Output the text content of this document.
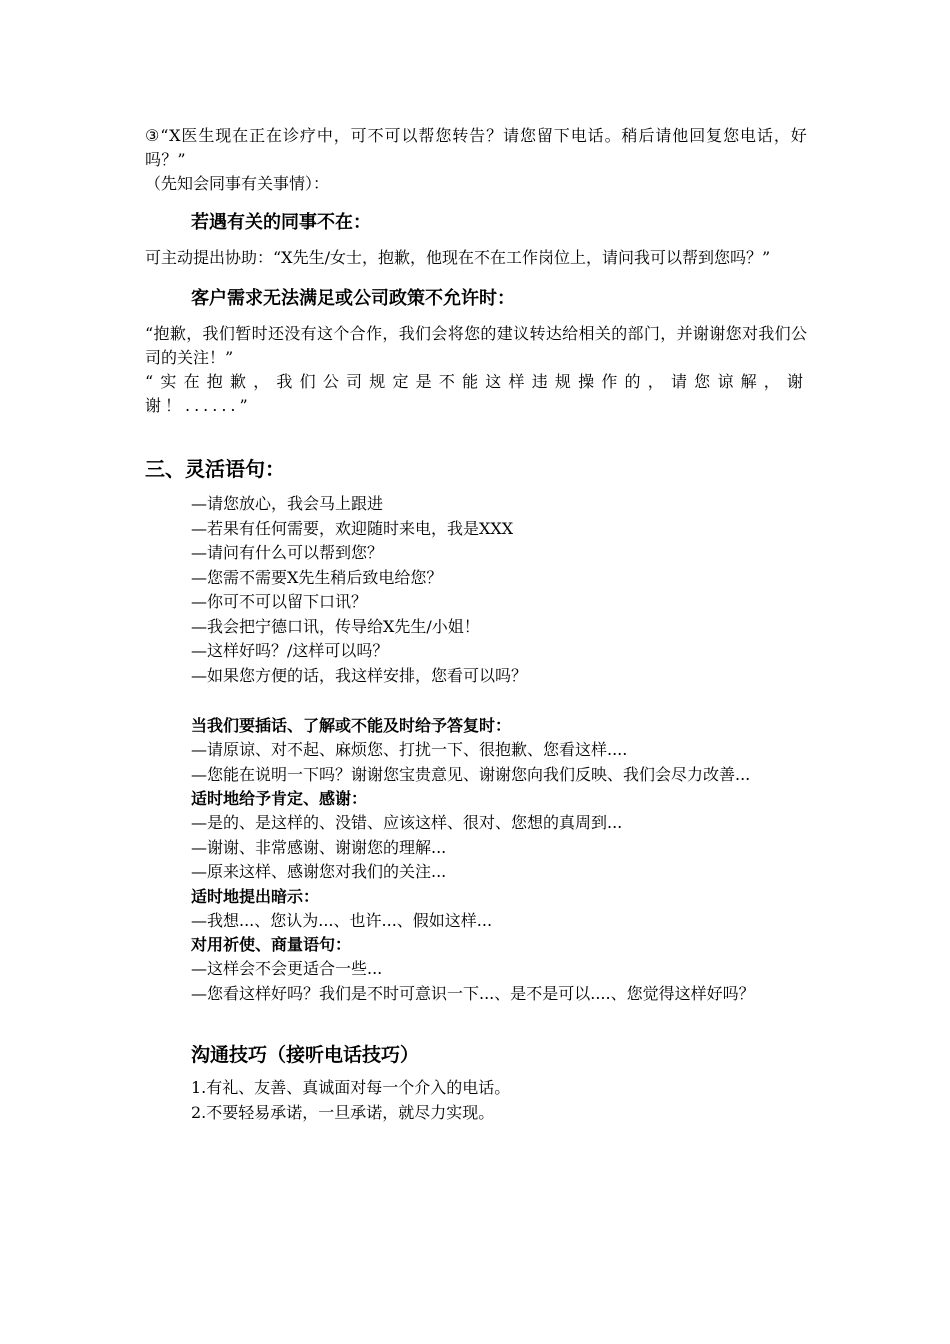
③“X医生现在正在诊疗中，可不可以帮您转告？请您留下电话。稍后请他回复您电话，好吗？”

（先知会同事有关事情）：

若遇有关的同事不在：

可主动提出协助：“X先生/女士，抱歉，他现在不在工作岗位上，请问我可以帮到您吗？”

客户需求无法满足或公司政策不允许时：

“抱歉，我们暂时还没有这个合作，我们会将您的建议转达给相关的部门，并谢谢您对我们公司的关注！”

“实在抱歉，我们公司规定是不能这样违规操作的，请您谅解，谢谢！......”

三、灵活语句：

—请您放心，我会马上跟进

—若果有任何需要，欢迎随时来电，我是XXX

—请问有什么可以帮到您？

—您需不需要X先生稍后致电给您？

—你可不可以留下口讯？

—我会把宁德口讯，传导给X先生/小姐！

—这样好吗？/这样可以吗？

—如果您方便的话，我这样安排，您看可以吗？

当我们要插话、了解或不能及时给予答复时：

—请原谅、对不起、麻烦您、打扰一下、很抱歉、您看这样....

—您能在说明一下吗？谢谢您宝贵意见、谢谢您向我们反映、我们会尽力改善...

适时地给予肯定、感谢：

—是的、是这样的、没错、应该这样、很对、您想的真周到...

—谢谢、非常感谢、谢谢您的理解...

—原来这样、感谢您对我们的关注...

适时地提出暗示：

—我想...、您认为...、也许...、假如这样...

对用祈使、商量语句：

—这样会不会更适合一些...

—您看这样好吗？我们是不时可意识一下...、是不是可以....、您觉得这样好吗？

沟通技巧（接听电话技巧）

1.有礼、友善、真诚面对每一个介入的电话。

2.不要轻易承诺，一旦承诺，就尽力实现。
